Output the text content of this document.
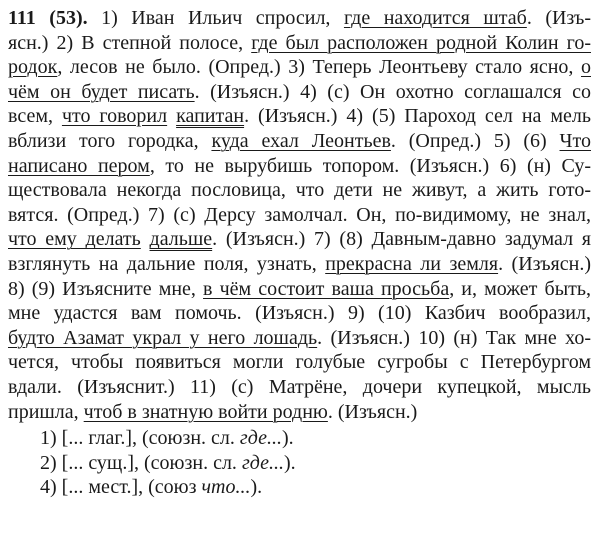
111 (53). 1) Иван Ильич спросил, где находится штаб. (Изъ-
ясн.) 2) В степной полосе, где был расположен родной Колин го-
родок, лесов не было. (Опред.) 3) Теперь Леонтьеву стало ясно, о
чём он будет писать. (Изъясн.) 4) (с) Он охотно соглашался со
всем, что говорил капитан. (Изъясн.) 4) (5) Пароход сел на мель
вблизи того городка, куда ехал Леонтьев. (Опред.) 5) (6) Что
написано пером, то не вырубишь топором. (Изъясн.) 6) (н) Су-
ществовала некогда пословица, что дети не живут, а жить гото-
вятся. (Опред.) 7) (с) Дерсу замолчал. Он, по-видимому, не знал,
что ему делать дальше. (Изъясн.) 7) (8) Давным-давно задумал я
взглянуть на дальние поля, узнать, прекрасна ли земля. (Изъясн.)
8) (9) Изъясните мне, в чём состоит ваша просьба, и, может быть,
мне удастся вам помочь. (Изъясн.) 9) (10) Казбич вообразил,
будто Азамат украл у него лошадь. (Изъясн.) 10) (н) Так мне хо-
чется, чтобы появиться могли голубые сугробы с Петербургом
вдали. (Изъяснит.) 11) (с) Матрёне, дочери купецкой, мысль
пришла, чтоб в знатную войти родню. (Изъясн.)
1) [... глаг.], (союзн. сл. где...).
2) [... сущ.], (союзн. сл. где...).
4) [... мест.], (союз что...).
